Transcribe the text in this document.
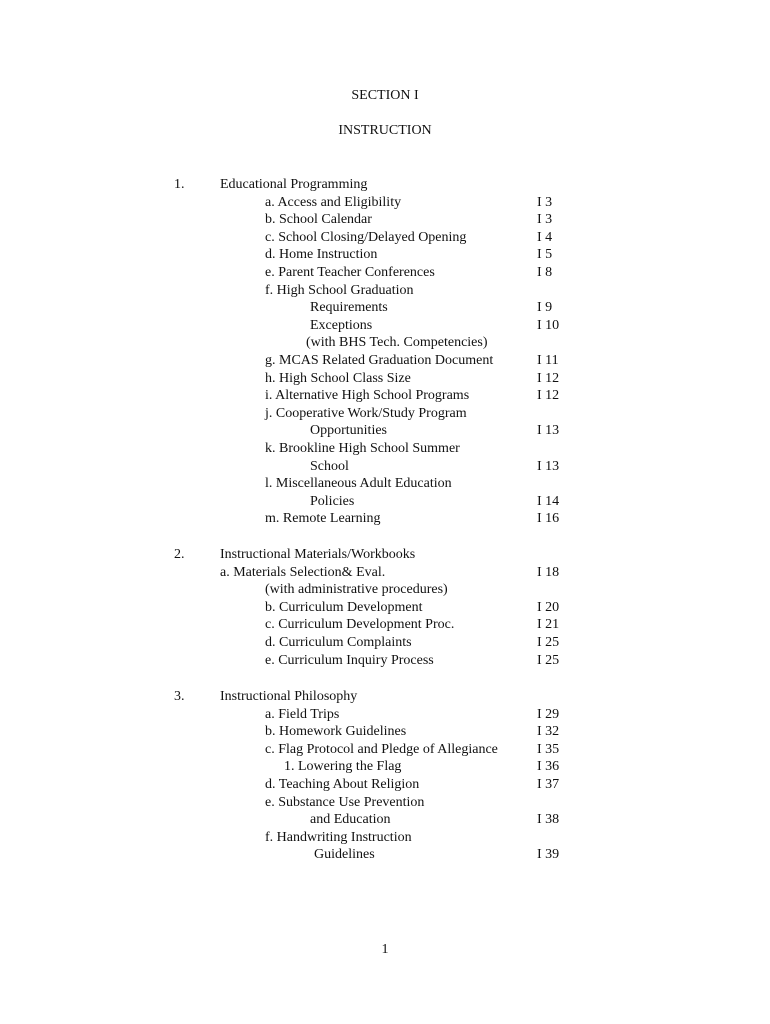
SECTION I
INSTRUCTION
1.	Educational Programming
a. Access and Eligibility	I 3
b. School Calendar	I 3
c. School Closing/Delayed Opening	I 4
d. Home Instruction	I 5
e. Parent Teacher Conferences	I 8
f. High School Graduation
Requirements	I 9
Exceptions	I 10
(with BHS Tech. Competencies)
g. MCAS Related Graduation Document	I 11
h. High School Class Size	I 12
i. Alternative High School Programs	I 12
j. Cooperative Work/Study Program
Opportunities	I 13
k. Brookline High School Summer
School	I 13
l. Miscellaneous Adult Education
Policies	I 14
m. Remote Learning	I 16
2.	Instructional Materials/Workbooks
a. Materials Selection& Eval.	I 18
(with administrative procedures)
b. Curriculum Development	I 20
c. Curriculum Development Proc.	I 21
d. Curriculum Complaints	I 25
e. Curriculum Inquiry Process	I 25
3.	Instructional Philosophy
a. Field Trips	I 29
b. Homework Guidelines	I 32
c. Flag Protocol and Pledge of Allegiance	I 35
1. Lowering the Flag	I 36
d. Teaching About Religion	I 37
e. Substance Use Prevention
and Education	I 38
f. Handwriting Instruction
Guidelines	I 39
1
